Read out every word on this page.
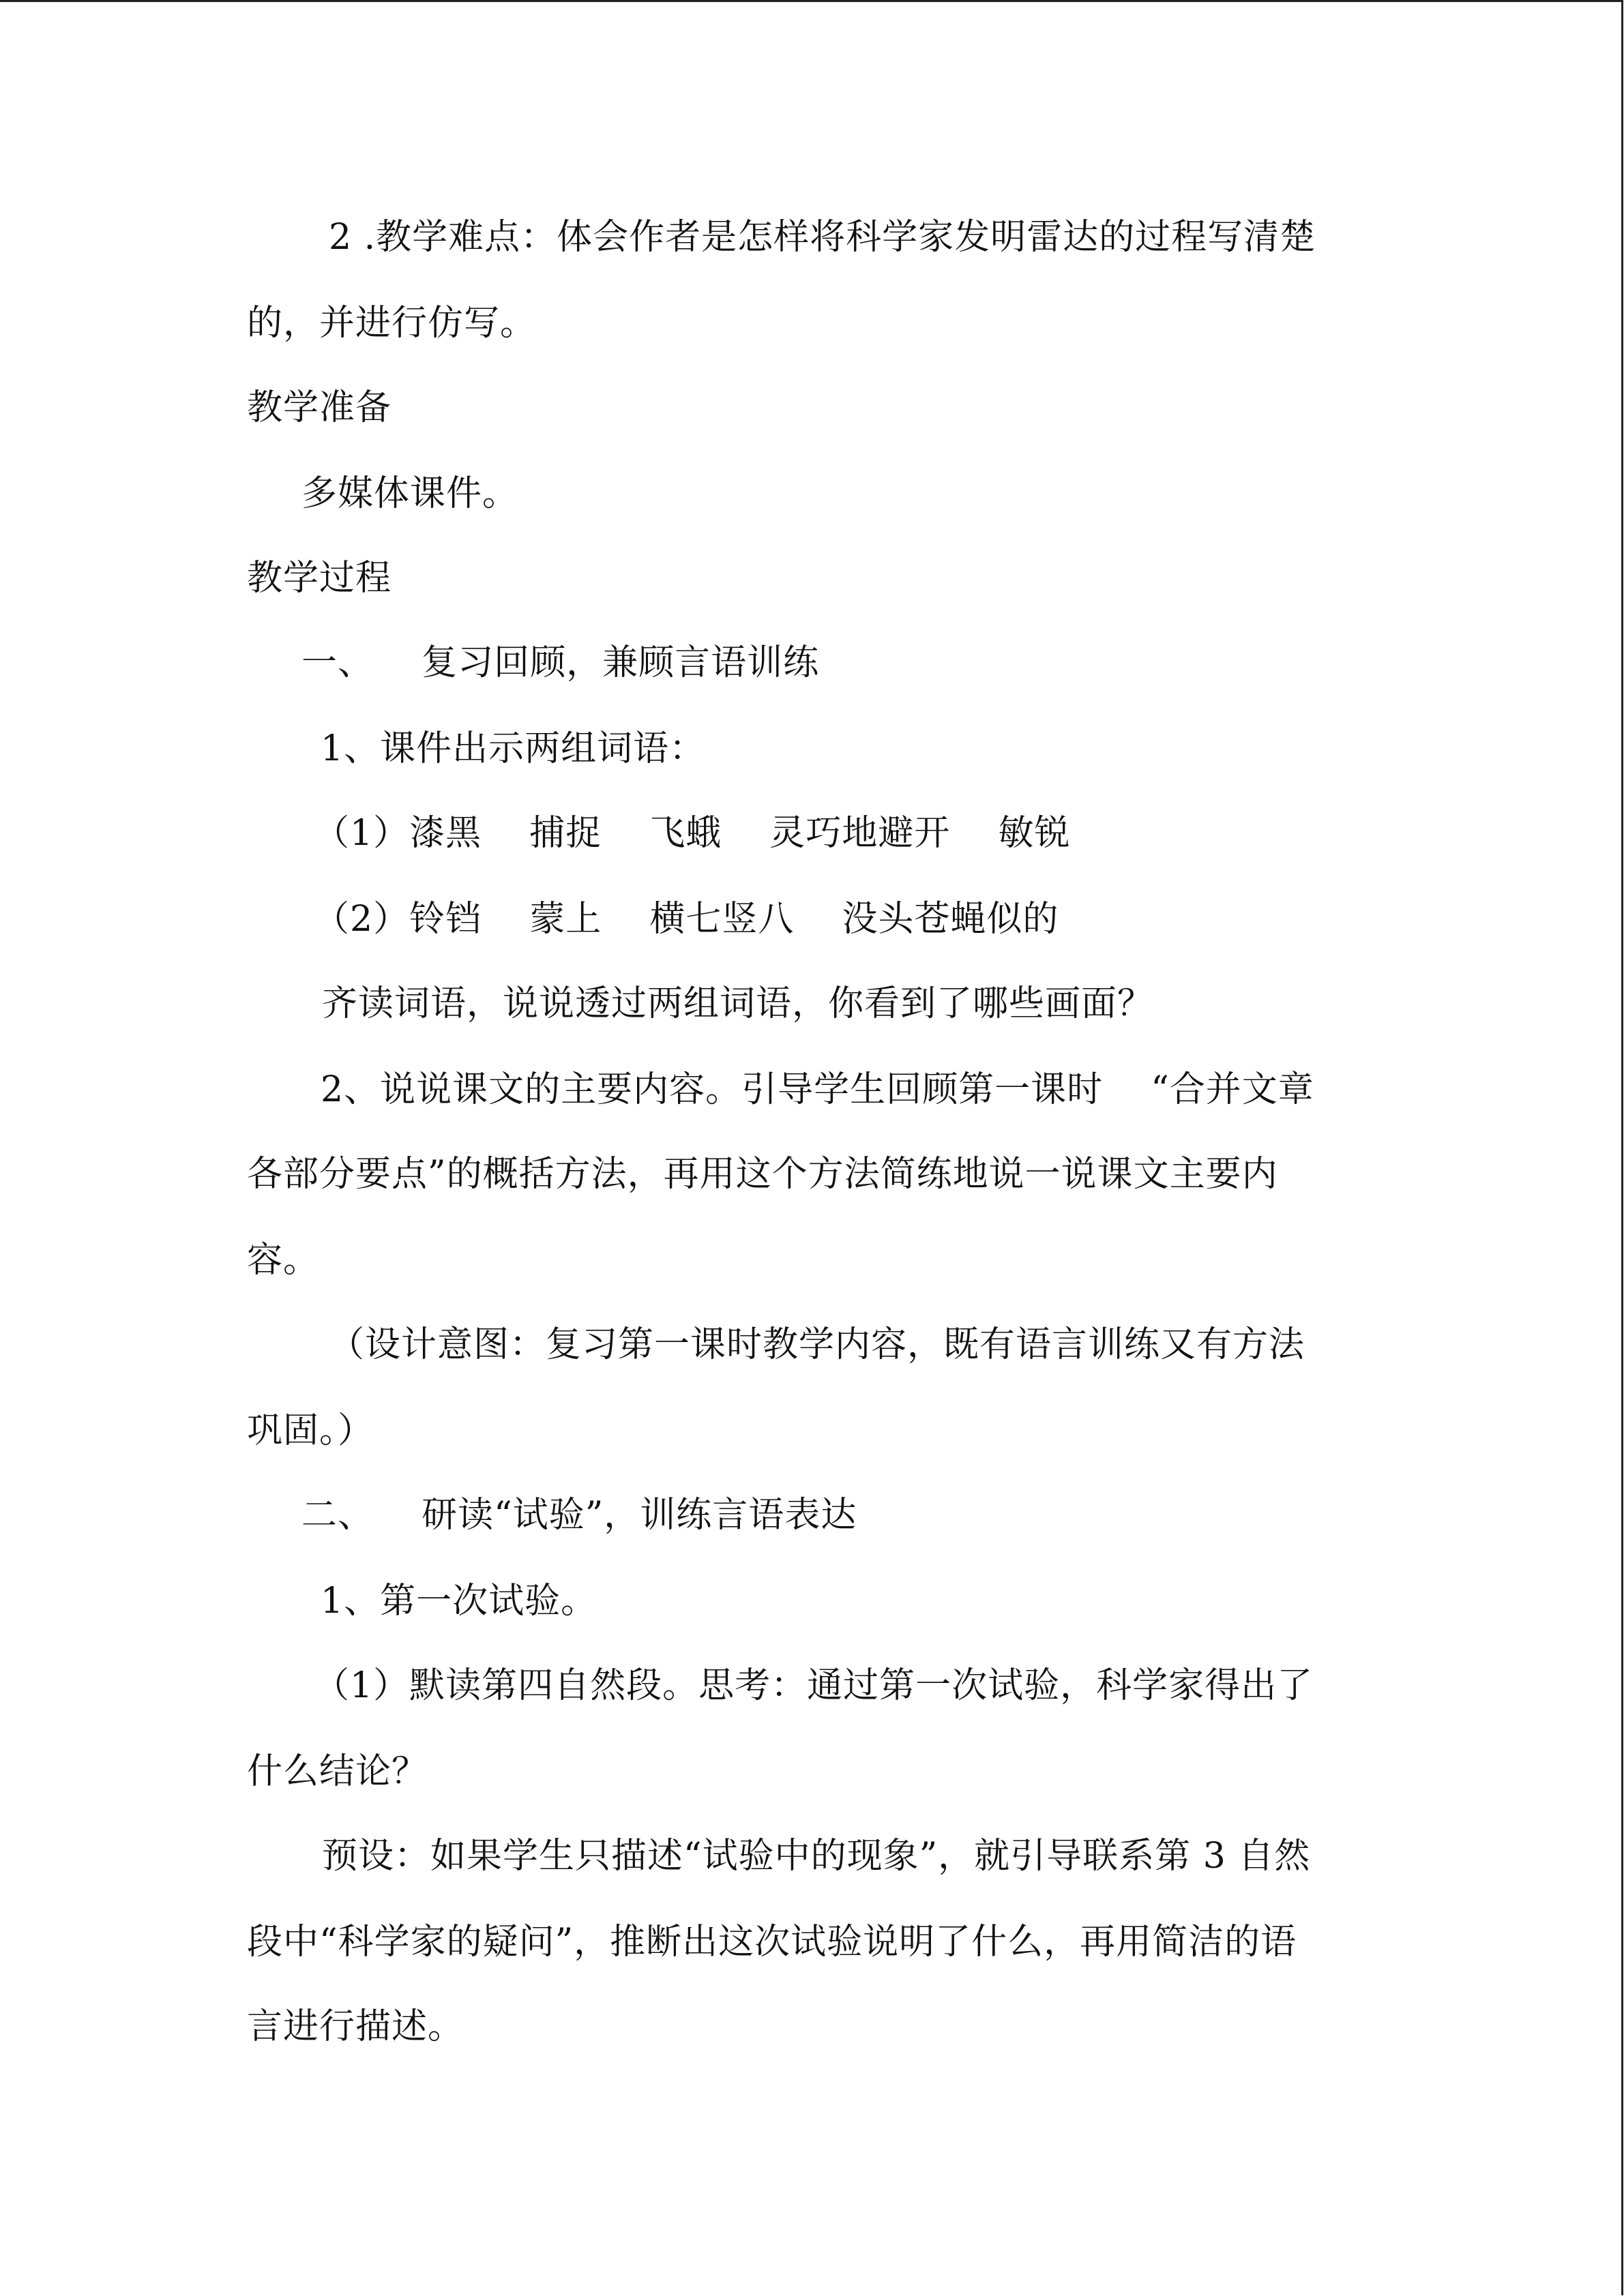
2 .教学难点：体会作者是怎样将科学家发明雷达的过程写清楚
的，并进行仿写。
教学准备
多媒体课件。
教学过程
一、    复习回顾，兼顾言语训练
1、课件出示两组词语：
（1）漆黑    捕捉    飞蛾    灵巧地避开    敏锐
（2）铃铛    蒙上    横七竖八    没头苍蝇似的
齐读词语，说说透过两组词语，你看到了哪些画面？
2、说说课文的主要内容。引导学生回顾第一课时    “合并文章
各部分要点”的概括方法，再用这个方法简练地说一说课文主要内
容。
（设计意图：复习第一课时教学内容，既有语言训练又有方法
巩固。）
二、    研读“试验”，训练言语表达
1、第一次试验。
（1）默读第四自然段。思考：通过第一次试验，科学家得出了
什么结论？
预设：如果学生只描述“试验中的现象”，就引导联系第 3 自然
段中“科学家的疑问”，推断出这次试验说明了什么，再用简洁的语
言进行描述。
